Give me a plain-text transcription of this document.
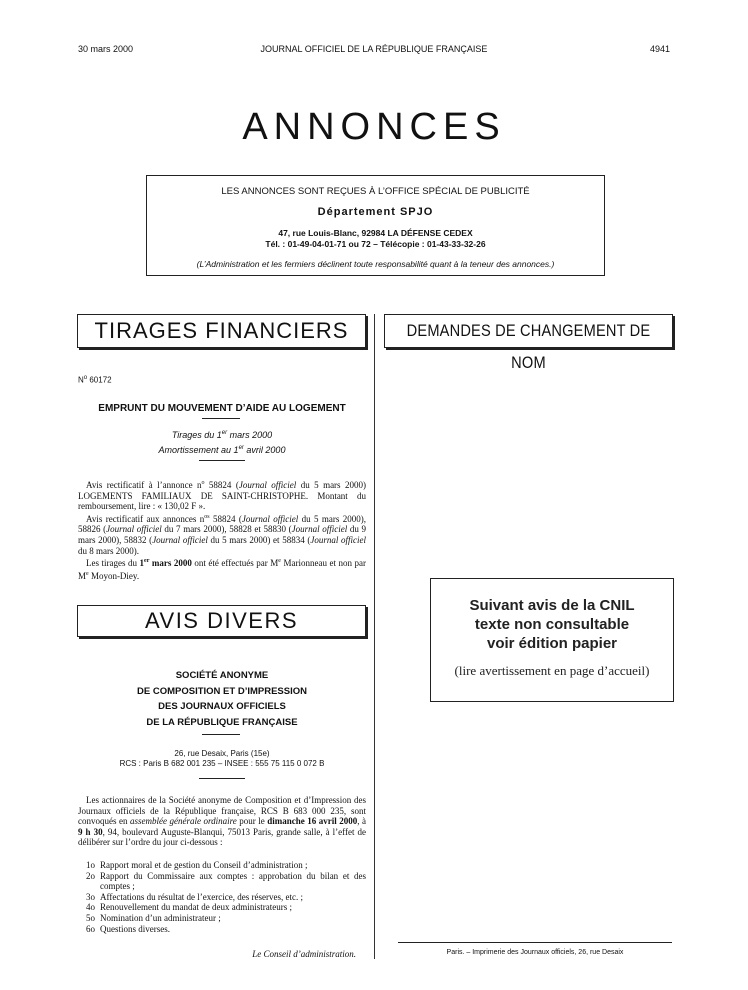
30 mars 2000	JOURNAL OFFICIEL DE LA RÉPUBLIQUE FRANÇAISE	4941
ANNONCES
LES ANNONCES SONT REÇUES À L’OFFICE SPÉCIAL DE PUBLICITÉ
Département SPJO
47, rue Louis-Blanc, 92984 LA DÉFENSE CEDEX
Tél. : 01-49-04-01-71 ou 72 – Télécopie : 01-43-33-32-26
(L’Administration et les fermiers déclinent toute responsabilité quant à la teneur des annonces.)
TIRAGES FINANCIERS	DEMANDES DE CHANGEMENT DE NOM
$N^o$ 60172
EMPRUNT DU MOUVEMENT D’AIDE AU LOGEMENT
Tirages du 1er mars 2000
Amortissement au 1er avril 2000

Avis rectificatif à l’annonce $n^o$ 58824 (Journal officiel du 5 mars 2000) LOGEMENTS FAMILIAUX DE SAINT-CHRISTOPHE. Montant du remboursement, lire : « 130,02 F ».

Avis rectificatif aux annonces $n^{os}$ 58824 (Journal officiel du 5 mars 2000), 58826 (Journal officiel du 7 mars 2000), 58828 et 58830 (Journal officiel du 9 mars 2000), 58832 (Journal officiel du 5 mars 2000) et 58834 (Journal officiel du 8 mars 2000).

Les tirages du 1er mars 2000 ont été effectués par Me Marionneau et non par Me Moyon-Diey.

AVIS DIVERS
SOCIÉTÉ ANONYME
DE COMPOSITION ET D’IMPRESSION
DES JOURNAUX OFFICIELS
DE LA RÉPUBLIQUE FRANÇAISE
26, rue Desaix, Paris (15e)
RCS : Paris B 682 001 235 – INSEE : 555 75 115 0 072 B

Les actionnaires de la Société anonyme de Composition et d’Impression des Journaux officiels de la République française, RCS B 683 000 235, sont convoqués en assemblée générale ordinaire pour le dimanche 16 avril 2000, à 9 h 30, 94, boulevard Auguste-Blanqui, 75013 Paris, grande salle, à l’effet de délibérer sur l’ordre du jour ci-dessous :

1o Rapport moral et de gestion du Conseil d’administration ;
2o Rapport du Commissaire aux comptes : approbation du bilan et des comptes ;
3o Affectations du résultat de l’exercice, des réserves, etc. ;
4o Renouvellement du mandat de deux administrateurs ;
5o Nomination d’un administrateur ;
6o Questions diverses.
Le Conseil d’administration.
Suivant avis de la CNIL
texte non consultable
voir édition papier
(lire avertissement en page d’accueil)
Paris. – Imprimerie des Journaux officiels, 26, rue Desaix
